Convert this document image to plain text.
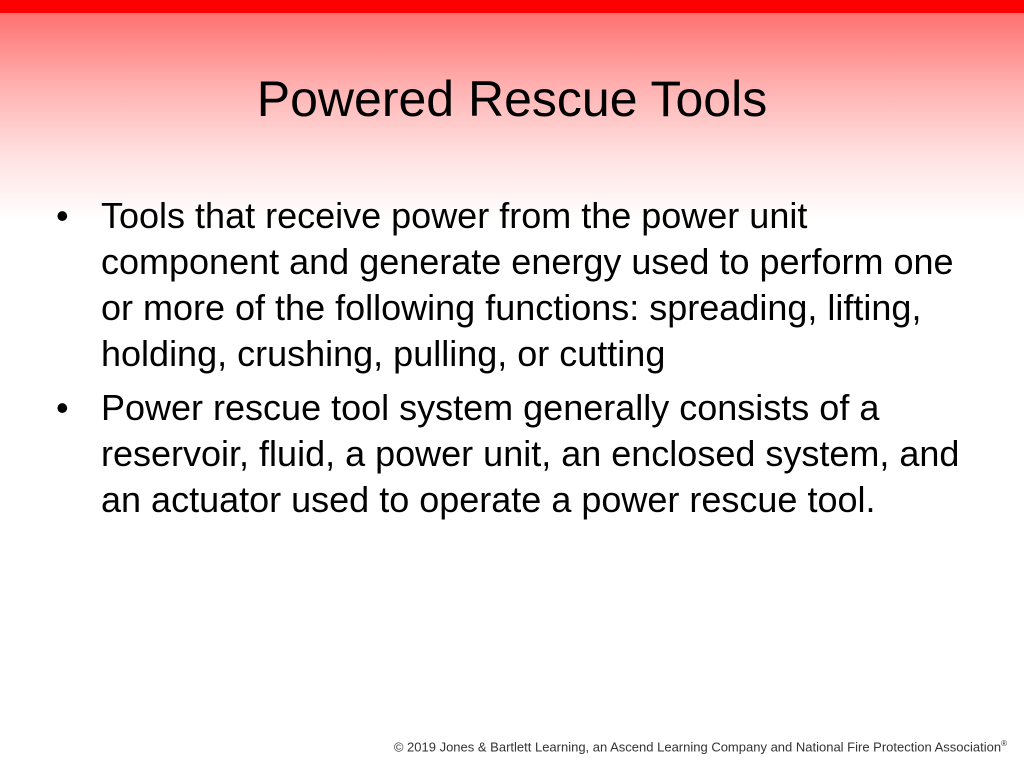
Powered Rescue Tools
• Tools that receive power from the power unit component and generate energy used to perform one or more of the following functions: spreading, lifting, holding, crushing, pulling, or cutting
• Power rescue tool system generally consists of a reservoir, fluid, a power unit, an enclosed system, and an actuator used to operate a power rescue tool.
© 2019 Jones & Bartlett Learning, an Ascend Learning Company and National Fire Protection Association®
